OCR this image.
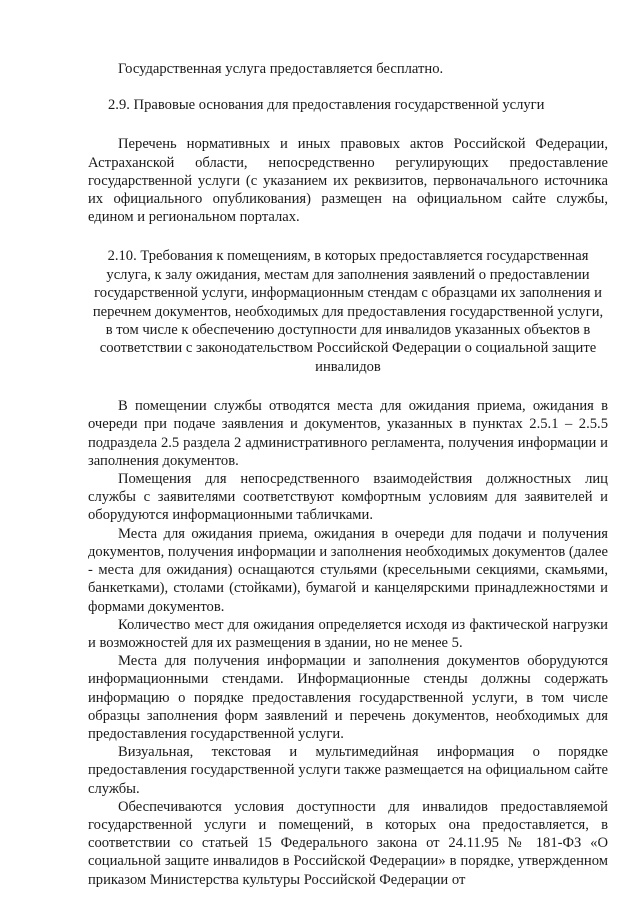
Государственная услуга предоставляется бесплатно.

2.9. Правовые основания для предоставления государственной услуги

Перечень нормативных и иных правовых актов Российской Федерации, Астраханской области, непосредственно регулирующих предоставление государственной услуги (с указанием их реквизитов, первоначального источника их официального опубликования) размещен на официальном сайте службы, едином и региональном порталах.

2.10. Требования к помещениям, в которых предоставляется государственная услуга, к залу ожидания, местам для заполнения заявлений о предоставлении государственной услуги, информационным стендам с образцами их заполнения и перечнем документов, необходимых для предоставления государственной услуги, в том числе к обеспечению доступности для инвалидов указанных объектов в соответствии с законодательством Российской Федерации о социальной защите инвалидов

В помещении службы отводятся места для ожидания приема, ожидания в очереди при подаче заявления и документов, указанных в пунктах 2.5.1 – 2.5.5 подраздела 2.5 раздела 2 административного регламента, получения информации и заполнения документов.

Помещения для непосредственного взаимодействия должностных лиц службы с заявителями соответствуют комфортным условиям для заявителей и оборудуются информационными табличками.

Места для ожидания приема, ожидания в очереди для подачи и получения документов, получения информации и заполнения необходимых документов (далее - места для ожидания) оснащаются стульями (кресельными секциями, скамьями, банкетками), столами (стойками), бумагой и канцелярскими принадлежностями и формами документов.

Количество мест для ожидания определяется исходя из фактической нагрузки и возможностей для их размещения в здании, но не менее 5.

Места для получения информации и заполнения документов оборудуются информационными стендами. Информационные стенды должны содержать информацию о порядке предоставления государственной услуги, в том числе образцы заполнения форм заявлений и перечень документов, необходимых для предоставления государственной услуги.

Визуальная, текстовая и мультимедийная информация о порядке предоставления государственной услуги также размещается на официальном сайте службы.

Обеспечиваются условия доступности для инвалидов предоставляемой государственной услуги и помещений, в которых она предоставляется, в соответствии со статьей 15 Федерального закона от 24.11.95 № 181-ФЗ «О социальной защите инвалидов в Российской Федерации» в порядке, утвержденном приказом Министерства культуры Российской Федерации от
